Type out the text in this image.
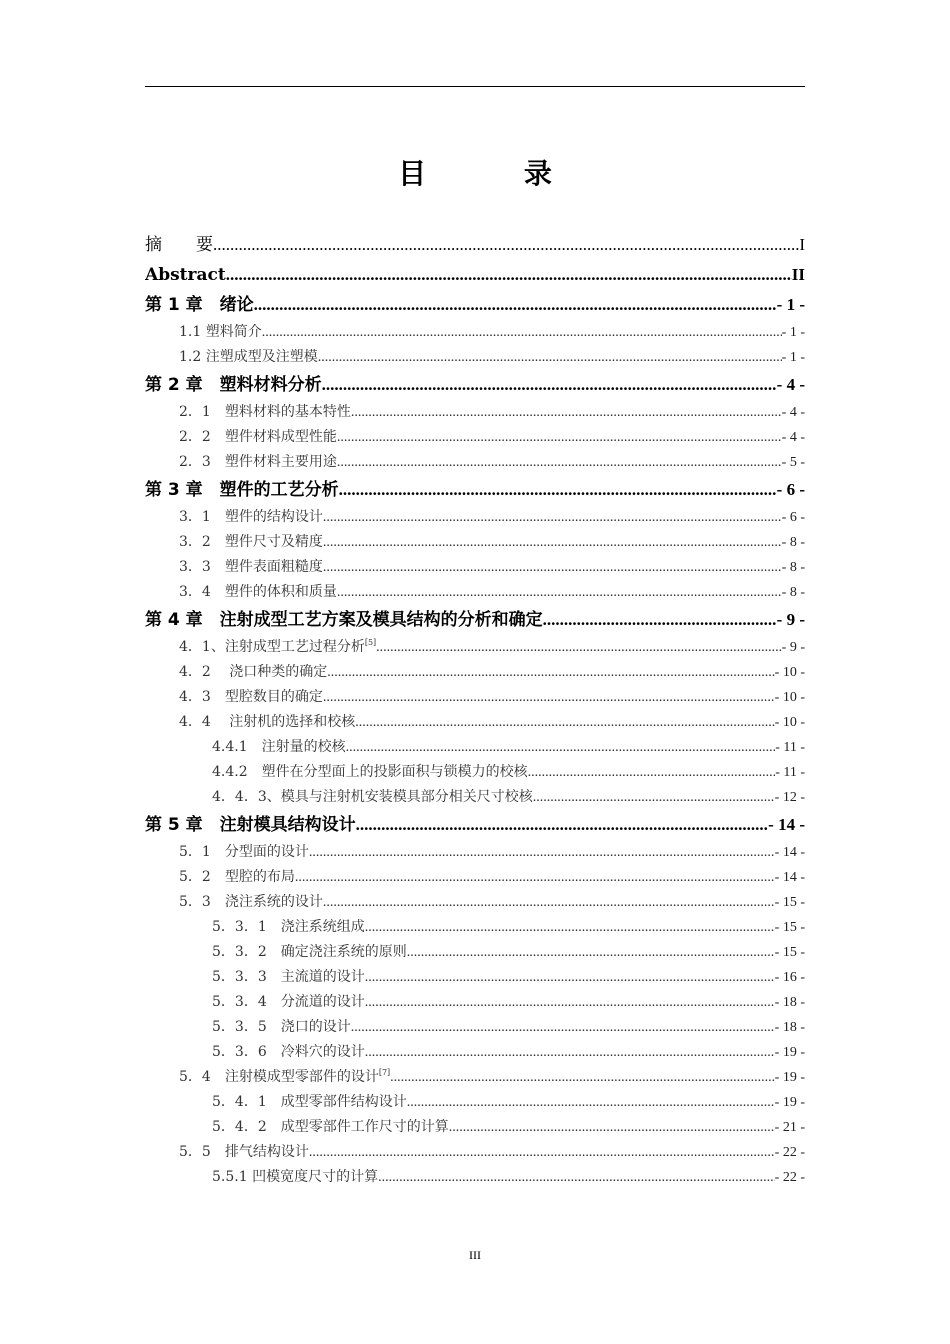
目 录
摘　　要 .....	I
Abstract .....	II
第 1 章　绪论 .....	- 1 -
1.1 塑料简介 .....	- 1 -
1.2 注塑成型及注塑模 .....	- 1 -
第 2 章　塑料材料分析 .....	- 4 -
2．1　塑料材料的基本特性 .....	- 4 -
2．2　塑件材料成型性能 .....	- 4 -
2．3　塑件材料主要用途 .....	- 5 -
第 3 章　塑件的工艺分析 .....	- 6 -
3．1　塑件的结构设计 .....	- 6 -
3．2　塑件尺寸及精度 .....	- 8 -
3．3　塑件表面粗糙度 .....	- 8 -
3．4　塑件的体积和质量 .....	- 8 -
第 4 章　注射成型工艺方案及模具结构的分析和确定 .....	- 9 -
4．1、注射成型工艺过程分析[5] .....	- 9 -
4．2　 浇口种类的确定 .....	- 10 -
4．3　型腔数目的确定 .....	- 10 -
4．4　 注射机的选择和校核 .....	- 10 -
4.4.1　注射量的校核 .....	- 11 -
4.4.2　塑件在分型面上的投影面积与锁模力的校核 .....	- 11 -
4．4．3、模具与注射机安装模具部分相关尺寸校核 .....	- 12 -
第 5 章　注射模具结构设计 .....	- 14 -
5．1　分型面的设计 .....	- 14 -
5．2　型腔的布局 .....	- 14 -
5．3　浇注系统的设计 .....	- 15 -
5．3．1　浇注系统组成 .....	- 15 -
5．3．2　确定浇注系统的原则 .....	- 15 -
5．3．3　主流道的设计 .....	- 16 -
5．3．4　分流道的设计 .....	- 18 -
5．3．5　浇口的设计 .....	- 18 -
5．3．6　冷料穴的设计 .....	- 19 -
5．4　注射模成型零部件的设计[7] .....	- 19 -
5．4．1　成型零部件结构设计 .....	- 19 -
5．4．2　成型零部件工作尺寸的计算 .....	- 21 -
5．5　排气结构设计 .....	- 22 -
5.5.1 凹模宽度尺寸的计算 .....	- 22 -
III
